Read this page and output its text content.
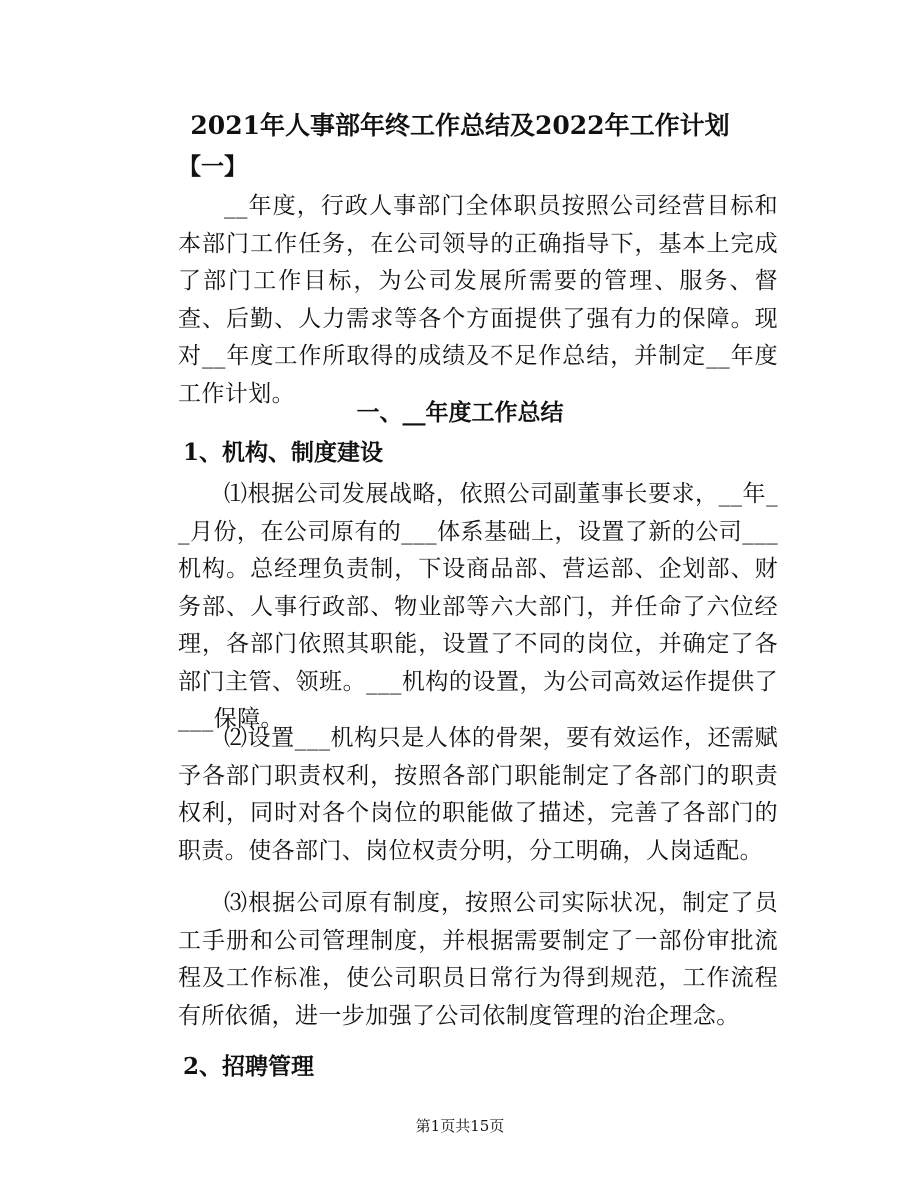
2021年人事部年终工作总结及2022年工作计划
【一】
__年度，行政人事部门全体职员按照公司经营目标和本部门工作任务，在公司领导的正确指导下，基本上完成了部门工作目标，为公司发展所需要的管理、服务、督查、后勤、人力需求等各个方面提供了强有力的保障。现对__年度工作所取得的成绩及不足作总结，并制定__年度工作计划。
一、__年度工作总结
1、机构、制度建设
⑴根据公司发展战略，依照公司副董事长要求，__年__月份，在公司原有的___体系基础上，设置了新的公司___机构。总经理负责制，下设商品部、营运部、企划部、财务部、人事行政部、物业部等六大部门，并任命了六位经理，各部门依照其职能，设置了不同的岗位，并确定了各部门主管、领班。___机构的设置，为公司高效运作提供了___保障。
⑵设置___机构只是人体的骨架，要有效运作，还需赋予各部门职责权利，按照各部门职能制定了各部门的职责权利，同时对各个岗位的职能做了描述，完善了各部门的职责。使各部门、岗位权责分明，分工明确，人岗适配。
⑶根据公司原有制度，按照公司实际状况，制定了员工手册和公司管理制度，并根据需要制定了一部份审批流程及工作标准，使公司职员日常行为得到规范，工作流程有所依循，进一步加强了公司依制度管理的治企理念。
2、招聘管理
第1页共15页
